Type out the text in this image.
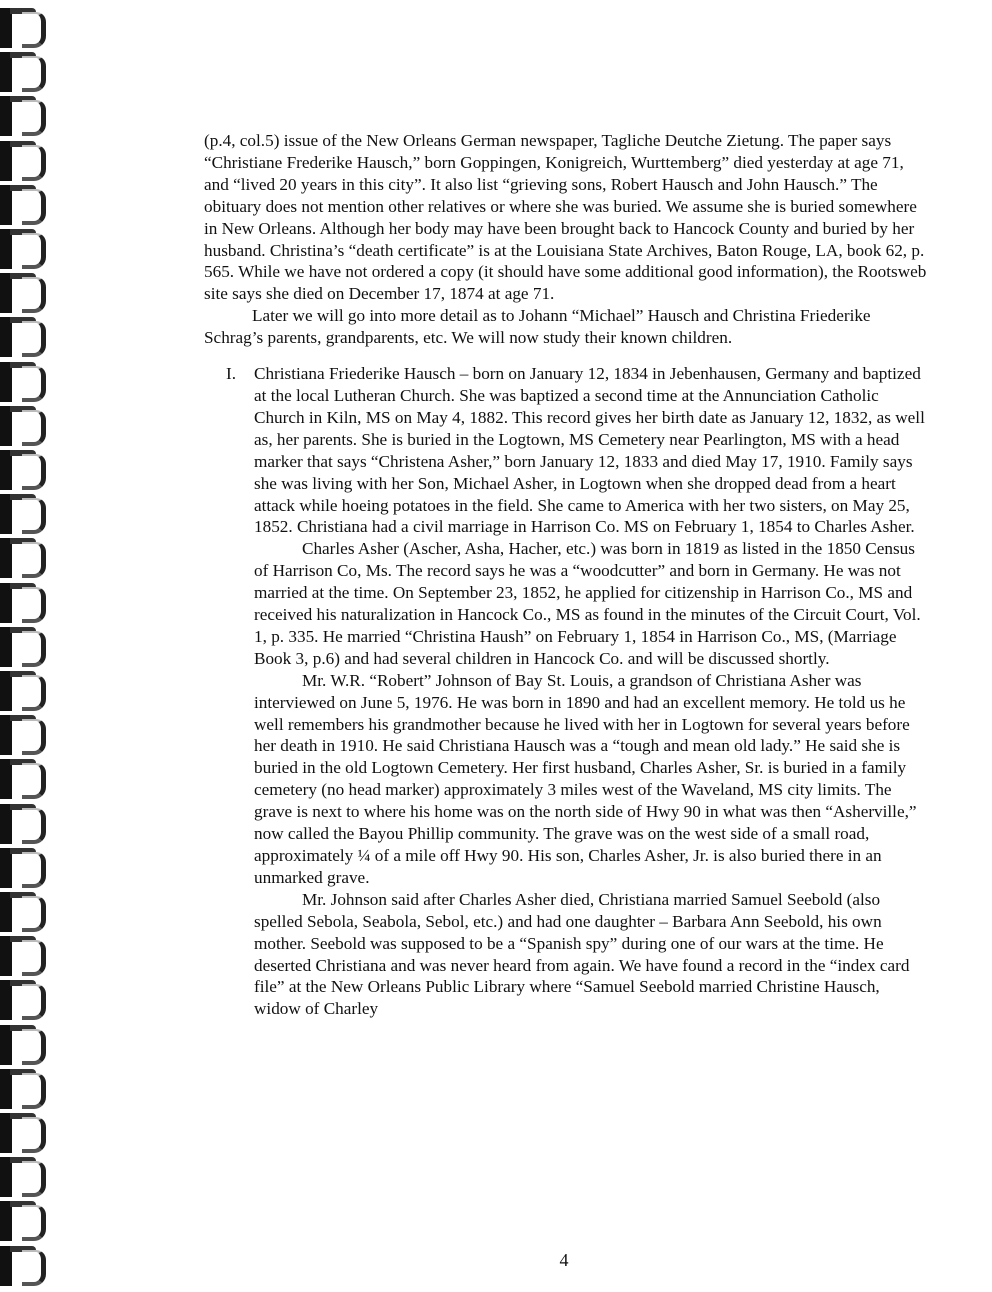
(p.4, col.5) issue of the New Orleans German newspaper, Tagliche Deutche Zietung. The paper says “Christiane Frederike Hausch,” born Goppingen, Konigreich, Wurttemberg” died yesterday at age 71, and “lived 20 years in this city”. It also list “grieving sons, Robert Hausch and John Hausch.” The obituary does not mention other relatives or where she was buried. We assume she is buried somewhere in New Orleans. Although her body may have been brought back to Hancock County and buried by her husband. Christina’s “death certificate” is at the Louisiana State Archives, Baton Rouge, LA, book 62, p. 565. While we have not ordered a copy (it should have some additional good information), the Rootsweb site says she died on December 17, 1874 at age 71.

Later we will go into more detail as to Johann “Michael” Hausch and Christina Friederike Schrag’s parents, grandparents, etc. We will now study their known children.

I. Christiana Friederike Hausch – born on January 12, 1834 in Jebenhausen, Germany and baptized at the local Lutheran Church. She was baptized a second time at the Annunciation Catholic Church in Kiln, MS on May 4, 1882. This record gives her birth date as January 12, 1832, as well as, her parents. She is buried in the Logtown, MS Cemetery near Pearlington, MS with a head marker that says “Christena Asher,” born January 12, 1833 and died May 17, 1910. Family says she was living with her Son, Michael Asher, in Logtown when she dropped dead from a heart attack while hoeing potatoes in the field. She came to America with her two sisters, on May 25, 1852. Christiana had a civil marriage in Harrison Co. MS on February 1, 1854 to Charles Asher.

Charles Asher (Ascher, Asha, Hacher, etc.) was born in 1819 as listed in the 1850 Census of Harrison Co, Ms. The record says he was a “woodcutter” and born in Germany. He was not married at the time. On September 23, 1852, he applied for citizenship in Harrison Co., MS and received his naturalization in Hancock Co., MS as found in the minutes of the Circuit Court, Vol. 1, p. 335. He married “Christina Haush” on February 1, 1854 in Harrison Co., MS, (Marriage Book 3, p.6) and had several children in Hancock Co. and will be discussed shortly.

Mr. W.R. “Robert” Johnson of Bay St. Louis, a grandson of Christiana Asher was interviewed on June 5, 1976. He was born in 1890 and had an excellent memory. He told us he well remembers his grandmother because he lived with her in Logtown for several years before her death in 1910. He said Christiana Hausch was a “tough and mean old lady.” He said she is buried in the old Logtown Cemetery. Her first husband, Charles Asher, Sr. is buried in a family cemetery (no head marker) approximately 3 miles west of the Waveland, MS city limits. The grave is next to where his home was on the north side of Hwy 90 in what was then “Asherville,” now called the Bayou Phillip community. The grave was on the west side of a small road, approximately ¼ of a mile off Hwy 90. His son, Charles Asher, Jr. is also buried there in an unmarked grave.

Mr. Johnson said after Charles Asher died, Christiana married Samuel Seebold (also spelled Sebola, Seabola, Sebol, etc.) and had one daughter – Barbara Ann Seebold, his own mother. Seebold was supposed to be a “Spanish spy” during one of our wars at the time. He deserted Christiana and was never heard from again. We have found a record in the “index card file” at the New Orleans Public Library where “Samuel Seebold married Christine Hausch, widow of Charley

4
